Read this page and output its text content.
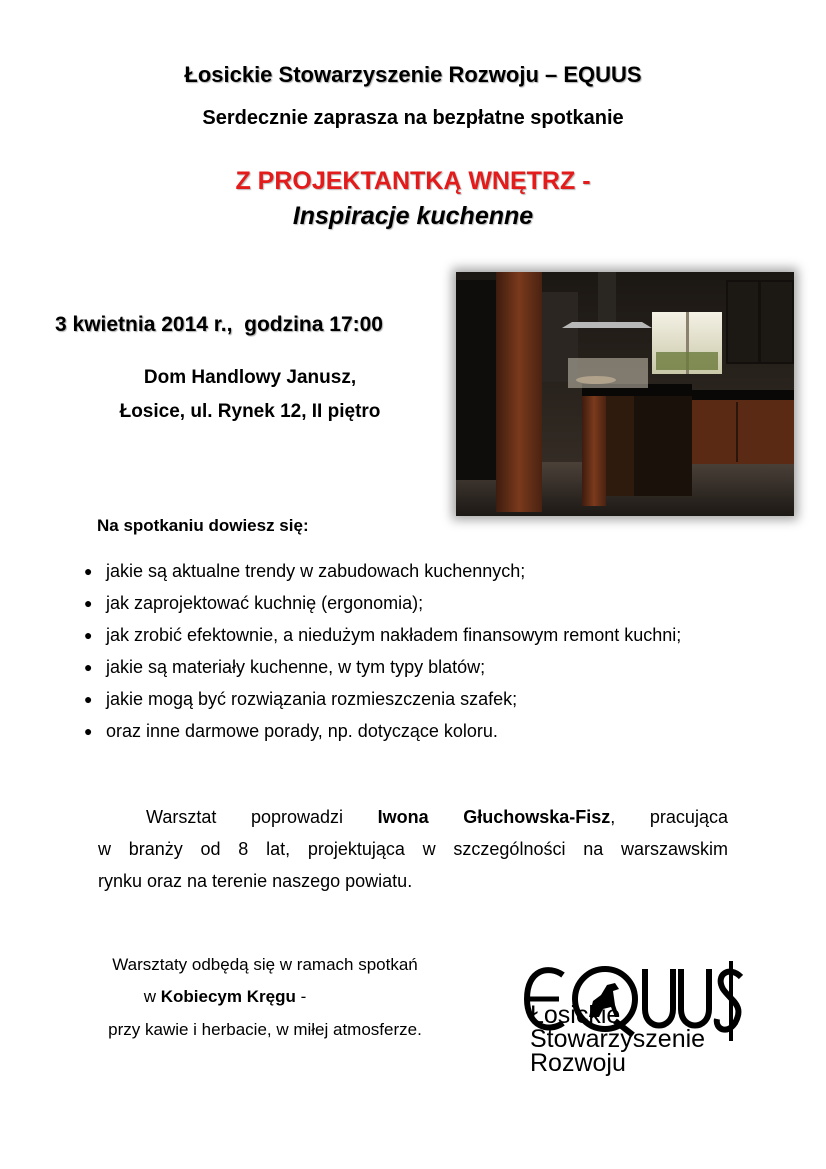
Łosickie Stowarzyszenie Rozwoju – EQUUS
Serdecznie zaprasza na bezpłatne spotkanie
Z PROJEKTANTKĄ WNĘTRZ -
Inspiracje kuchenne
3 kwietnia 2014 r.,  godzina 17:00
Dom Handlowy Janusz,
Łosice, ul. Rynek 12, II piętro
Na spotkaniu dowiesz się:
● jakie są aktualne trendy w zabudowach kuchennych;
● jak zaprojektować kuchnię (ergonomia);
● jak zrobić efektownie, a niedużym nakładem finansowym remont kuchni;
● jakie są materiały kuchenne, w tym typy blatów;
● jakie mogą być rozwiązania rozmieszczenia szafek;
● oraz inne darmowe porady, np. dotyczące koloru.
Warsztat poprowadzi Iwona Głuchowska-Fisz, pracująca
w branży od 8 lat, projektująca w szczególności na warszawskim
rynku oraz na terenie naszego powiatu.
Warsztaty odbędą się w ramach spotkań
w Kobiecym Kręgu -
przy kawie i herbacie, w miłej atmosferze.
Łosickie
Stowarzyszenie
Rozwoju
